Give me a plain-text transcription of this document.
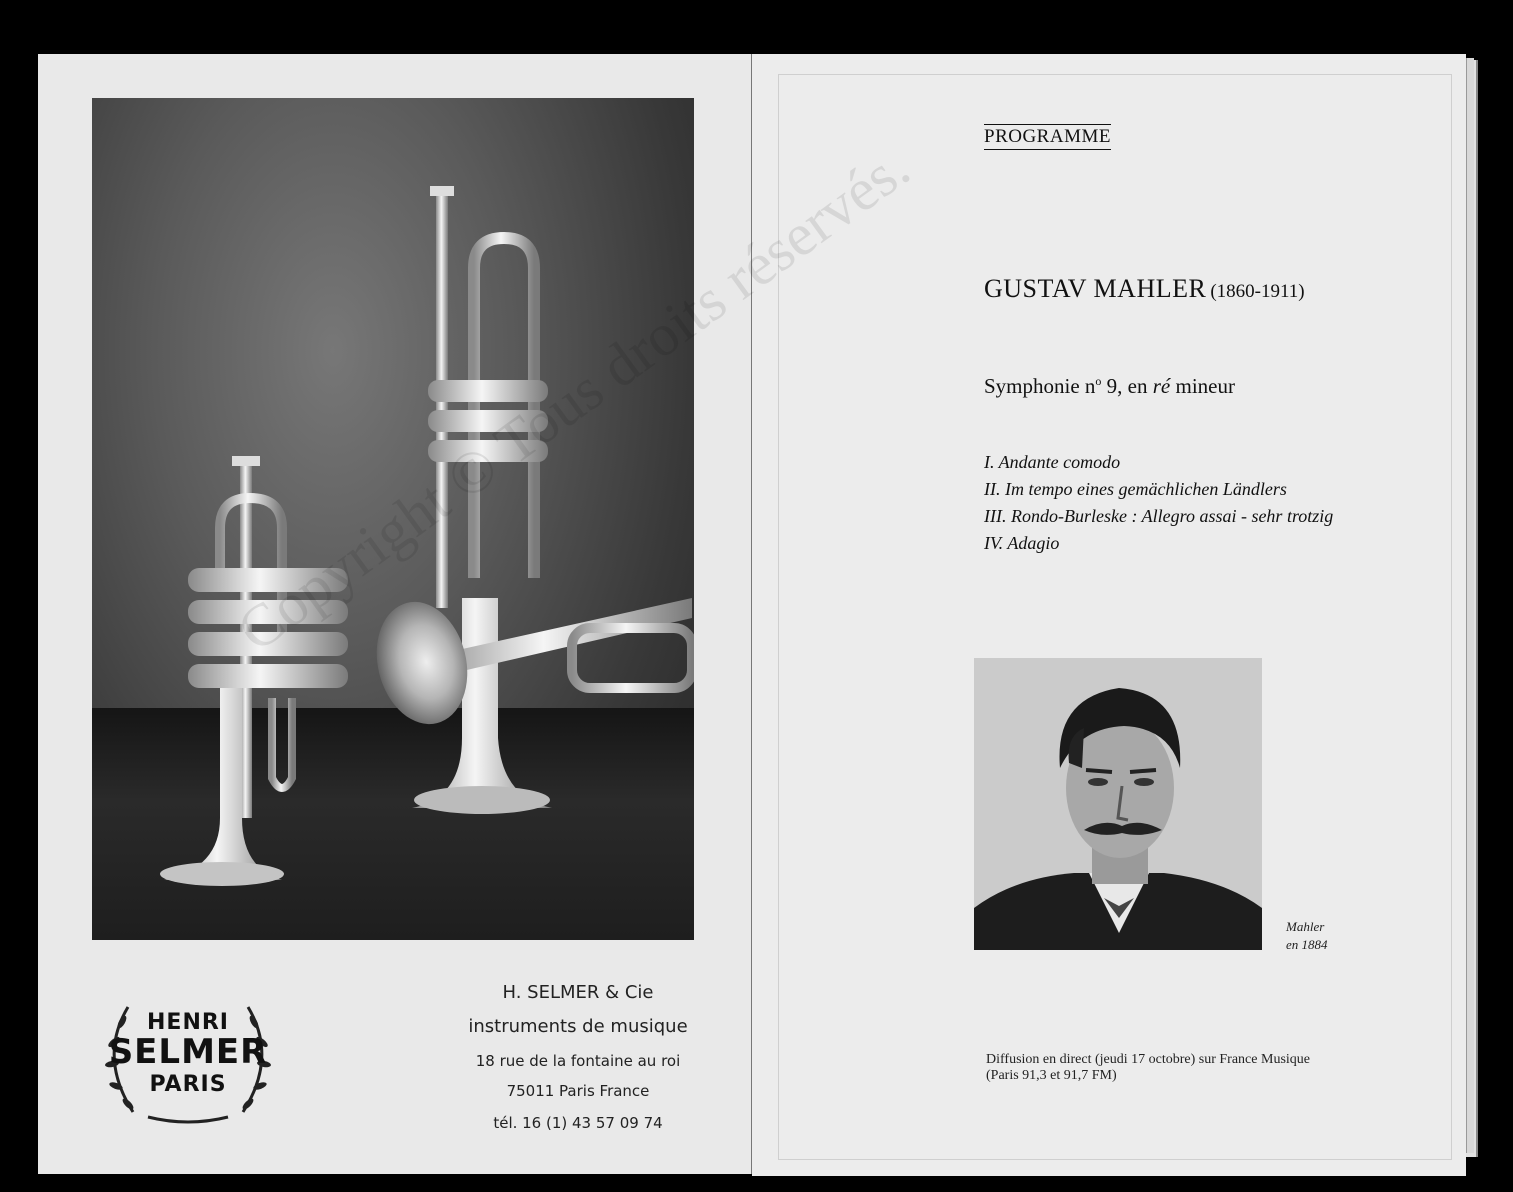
HENRI
SELMER
PARIS
H. SELMER & Cie
instruments de musique
18 rue de la fontaine au roi
75011 Paris France
tél. 16 (1) 43 57 09 74
PROGRAMME
GUSTAV MAHLER (1860-1911)
Symphonie $n^o$ 9, en ré mineur
I. Andante comodo
II. Im tempo eines gemächlichen Ländlers
III. Rondo-Burleske : Allegro assai - sehr trotzig
IV. Adagio
Mahler
en 1884
Diffusion en direct (jeudi 17 octobre) sur France Musique
(Paris 91,3 et 91,7 FM)
